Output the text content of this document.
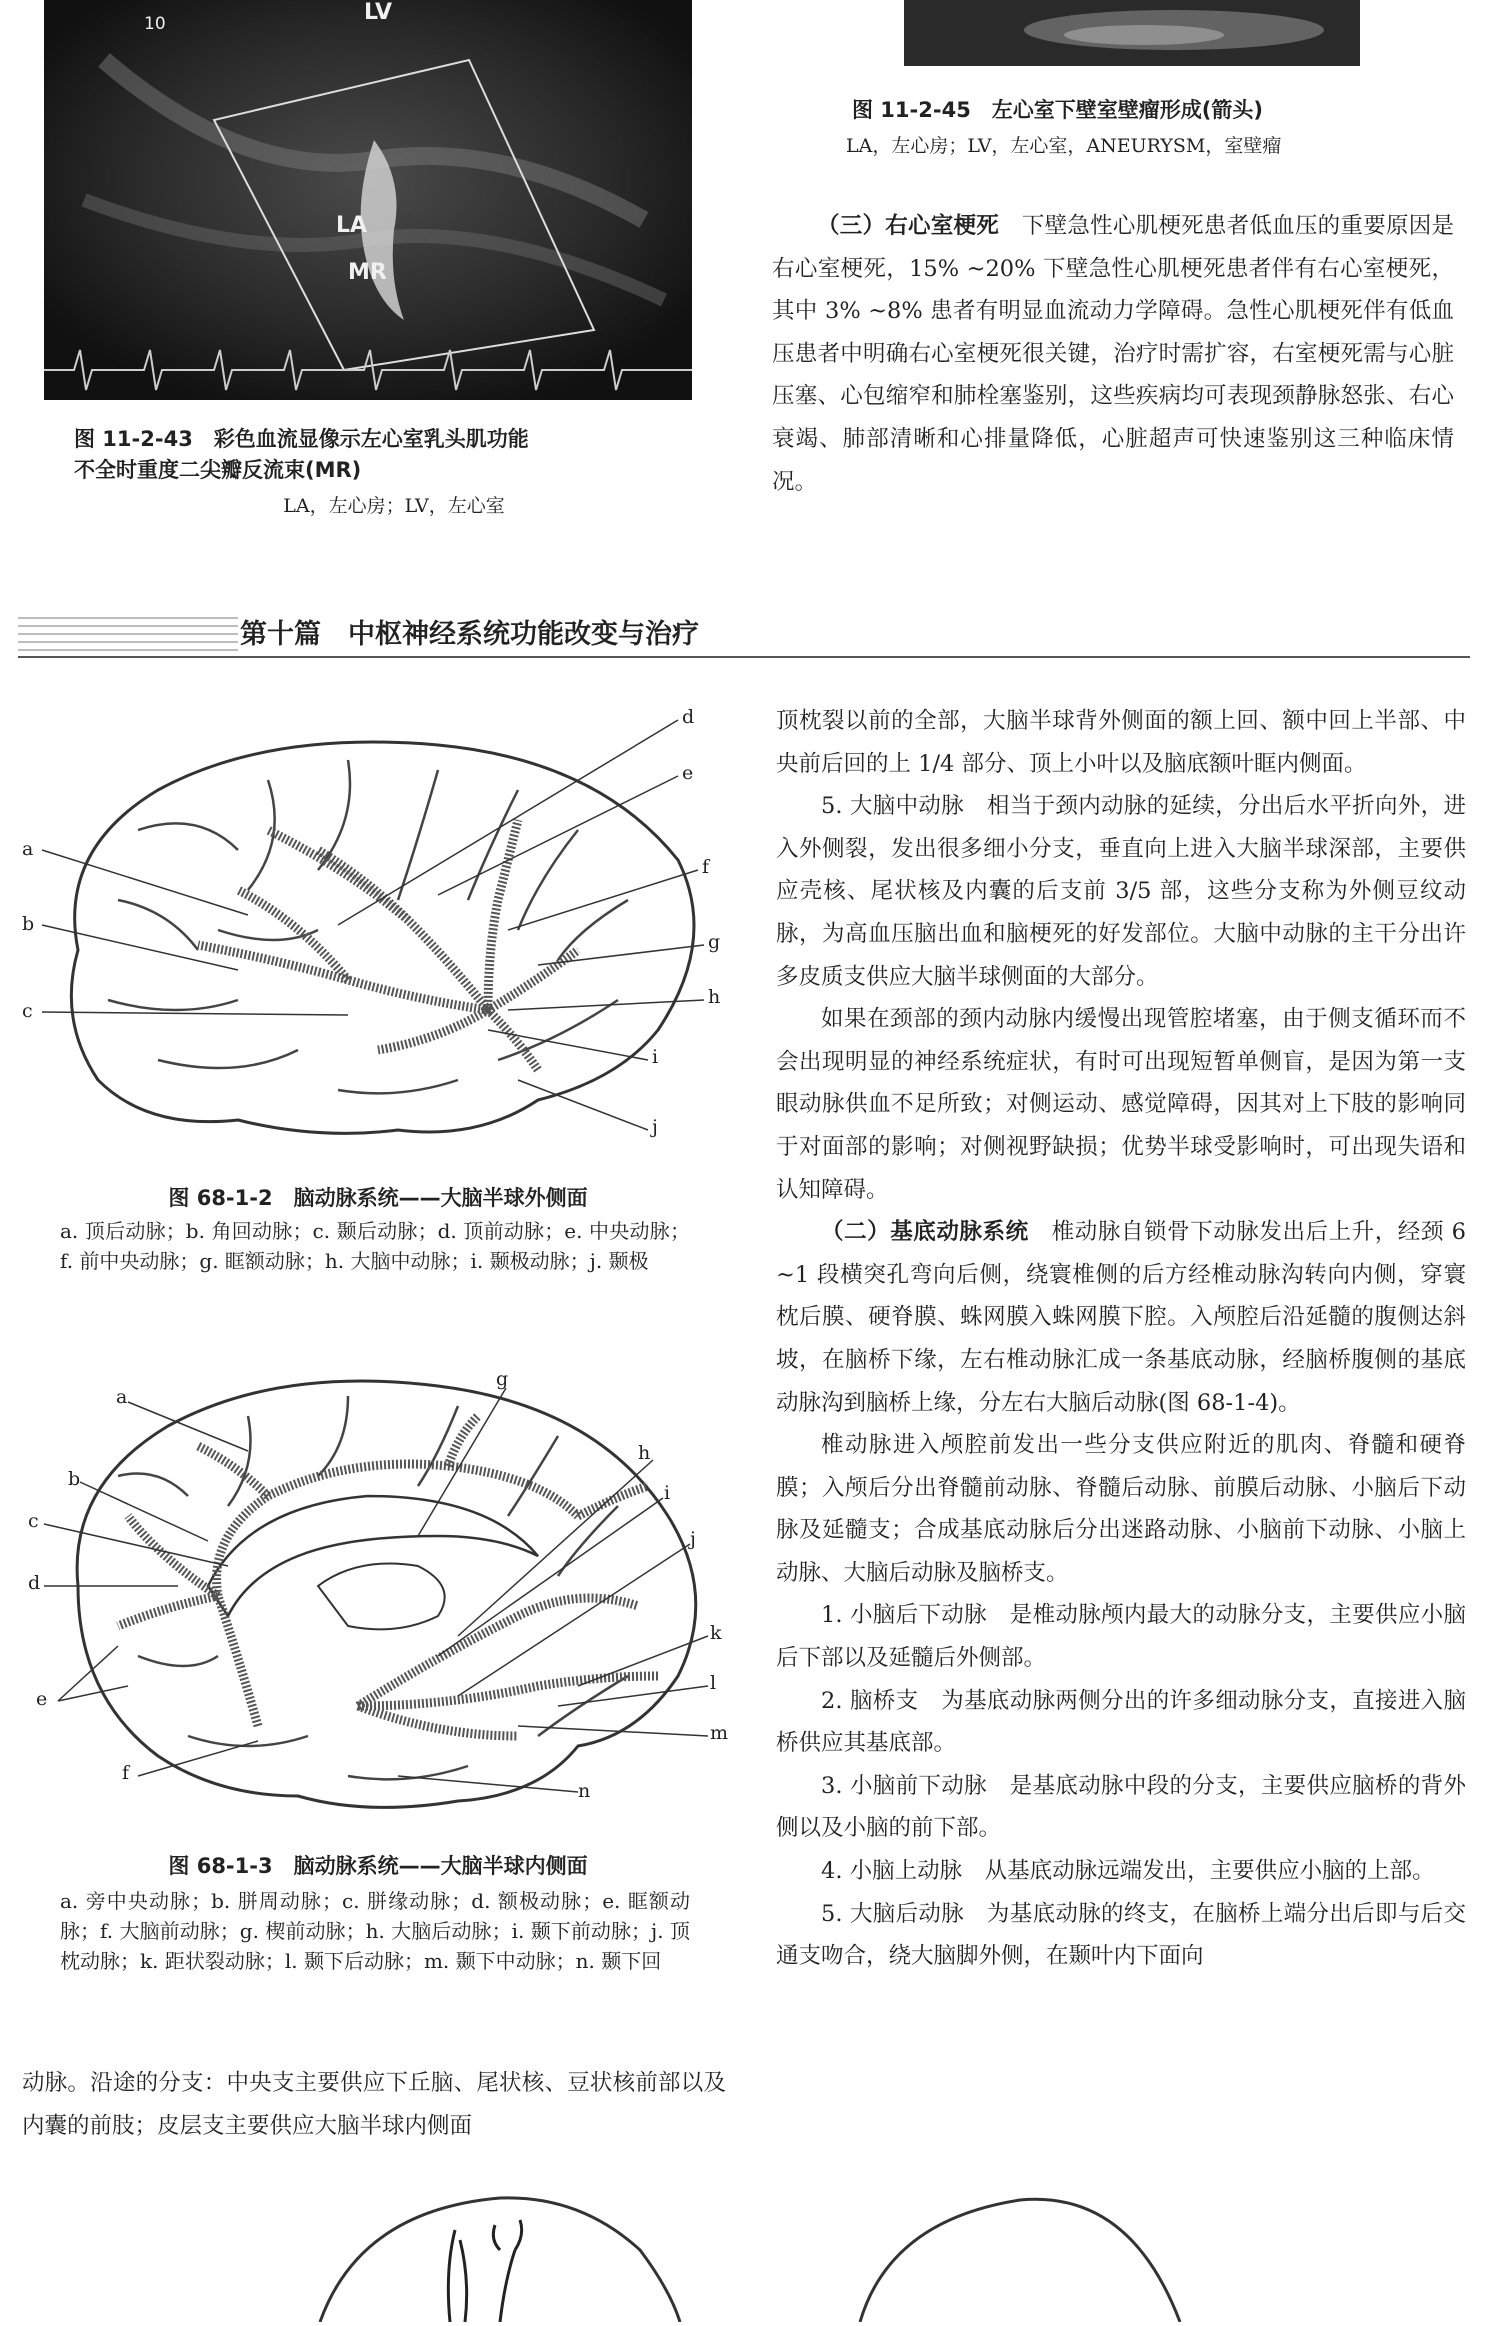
10	LV
LA
MR
图 11-2-43　彩色血流显像示左心室乳头肌功能
不全时重度二尖瓣反流束(MR)
LA，左心房；LV，左心室
图 11-2-45　左心室下壁室壁瘤形成(箭头)
LA，左心房；LV，左心室，ANEURYSM，室壁瘤

（三）右心室梗死　 下壁急性心肌梗死患者低血压的重要原因是右心室梗死，15% ~20% 下壁急性心肌梗死患者伴有右心室梗死，其中 3% ~8% 患者有明显血流动力学障碍。急性心肌梗死伴有低血压患者中明确右心室梗死很关键，治疗时需扩容，右室梗死需与心脏压塞、心包缩窄和肺栓塞鉴别，这些疾病均可表现颈静脉怒张、右心衰竭、肺部清晰和心排量降低，心脏超声可快速鉴别这三种临床情况。

第十篇　中枢神经系统功能改变与治疗
a
b
c
d
e
f
g
h
i
j
图 68-1-2　脑动脉系统——大脑半球外侧面
a. 顶后动脉；b. 角回动脉；c. 颞后动脉；d. 顶前动脉；e. 中央动脉；f. 前中央动脉；g. 眶额动脉；h. 大脑中动脉；i. 颞极动脉；j. 颞极
a
b
c
d
e
f
g
h
i
j
k
l
m
n
图 68-1-3　脑动脉系统——大脑半球内侧面
a. 旁中央动脉；b. 胼周动脉；c. 胼缘动脉；d. 额极动脉；e. 眶额动脉；f. 大脑前动脉；g. 楔前动脉；h. 大脑后动脉；i. 颞下前动脉；j. 顶枕动脉；k. 距状裂动脉；l. 颞下后动脉；m. 颞下中动脉；n. 颞下回

动脉。沿途的分支：中央支主要供应下丘脑、尾状核、豆状核前部以及内囊的前肢；皮层支主要供应大脑半球内侧面

顶枕裂以前的全部，大脑半球背外侧面的额上回、额中回上半部、中央前后回的上 1/4 部分、顶上小叶以及脑底额叶眶内侧面。

5. 大脑中动脉　 相当于颈内动脉的延续，分出后水平折向外，进入外侧裂，发出很多细小分支，垂直向上进入大脑半球深部，主要供应壳核、尾状核及内囊的后支前 3/5 部，这些分支称为外侧豆纹动脉，为高血压脑出血和脑梗死的好发部位。大脑中动脉的主干分出许多皮质支供应大脑半球侧面的大部分。

如果在颈部的颈内动脉内缓慢出现管腔堵塞，由于侧支循环而不会出现明显的神经系统症状，有时可出现短暂单侧盲，是因为第一支眼动脉供血不足所致；对侧运动、感觉障碍，因其对上下肢的影响同于对面部的影响；对侧视野缺损；优势半球受影响时，可出现失语和认知障碍。

（二）基底动脉系统　 椎动脉自锁骨下动脉发出后上升，经颈 6 ~1 段横突孔弯向后侧，绕寰椎侧的后方经椎动脉沟转向内侧，穿寰枕后膜、硬脊膜、蛛网膜入蛛网膜下腔。入颅腔后沿延髓的腹侧达斜坡，在脑桥下缘，左右椎动脉汇成一条基底动脉，经脑桥腹侧的基底动脉沟到脑桥上缘，分左右大脑后动脉(图 68-1-4)。

椎动脉进入颅腔前发出一些分支供应附近的肌肉、脊髓和硬脊膜；入颅后分出脊髓前动脉、脊髓后动脉、前膜后动脉、小脑后下动脉及延髓支；合成基底动脉后分出迷路动脉、小脑前下动脉、小脑上动脉、大脑后动脉及脑桥支。

1. 小脑后下动脉　 是椎动脉颅内最大的动脉分支，主要供应小脑后下部以及延髓后外侧部。

2. 脑桥支　 为基底动脉两侧分出的许多细动脉分支，直接进入脑桥供应其基底部。

3. 小脑前下动脉　 是基底动脉中段的分支，主要供应脑桥的背外侧以及小脑的前下部。

4. 小脑上动脉　 从基底动脉远端发出，主要供应小脑的上部。

5. 大脑后动脉　 为基底动脉的终支，在脑桥上端分出后即与后交通支吻合，绕大脑脚外侧，在颞叶内下面向
